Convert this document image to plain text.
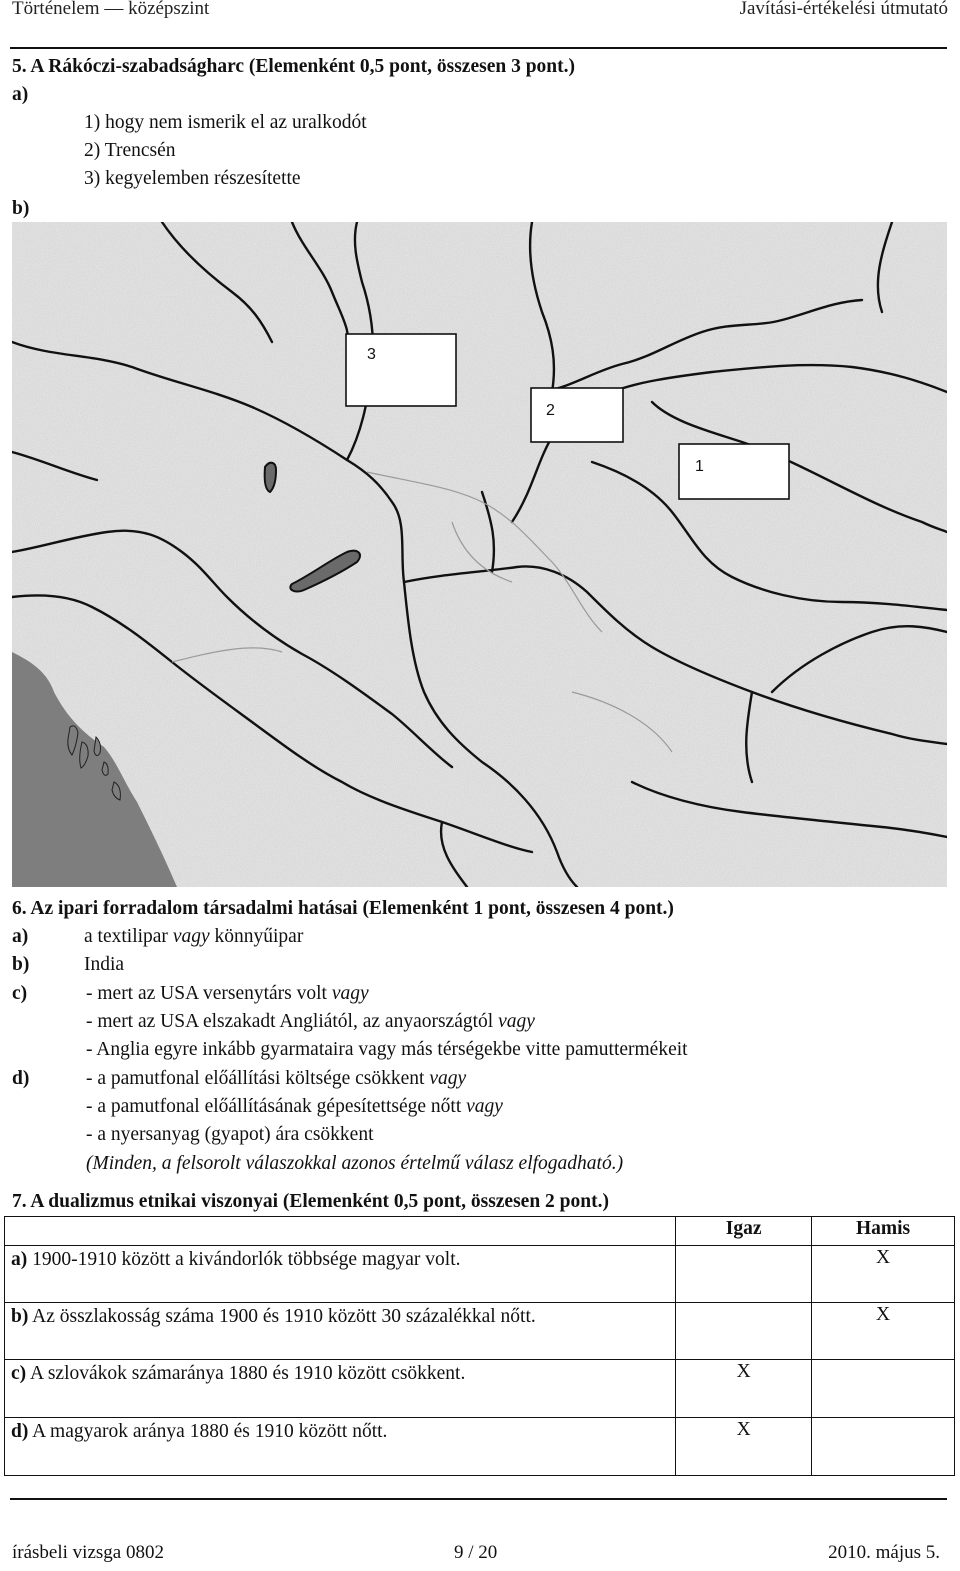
Történelem — középszint	Javítási-értékelési útmutató
5. A Rákóczi-szabadságharc (Elemenként 0,5 pont, összesen 3 pont.)
a)
1) hogy nem ismerik el az uralkodót
2) Trencsén
3) kegyelemben részesítette
b)
3
2
1
6. Az ipari forradalom társadalmi hatásai (Elemenként 1 pont, összesen 4 pont.)
a)	a textilipar vagy könnyűipar
b)	India
c)	- mert az USA versenytárs volt vagy
- mert az USA elszakadt Angliától, az anyaországtól vagy
- Anglia egyre inkább gyarmataira vagy más térségekbe vitte pamuttermékeit
d)	- a pamutfonal előállítási költsége csökkent vagy
- a pamutfonal előállításának gépesítettsége nőtt vagy
- a nyersanyag (gyapot) ára csökkent
(Minden, a felsorolt válaszokkal azonos értelmű válasz elfogadható.)
7. A dualizmus etnikai viszonyai (Elemenként 0,5 pont, összesen 2 pont.)
	Igaz	Hamis
a) 1900-1910 között a kivándorlók többsége magyar volt.		X
b) Az összlakosság száma 1900 és 1910 között 30 százalékkal nőtt.		X
c) A szlovákok számaránya 1880 és 1910 között csökkent.	X	
d) A magyarok aránya 1880 és 1910 között nőtt.	X	
írásbeli vizsga 0802	9 / 20	2010. május 5.
